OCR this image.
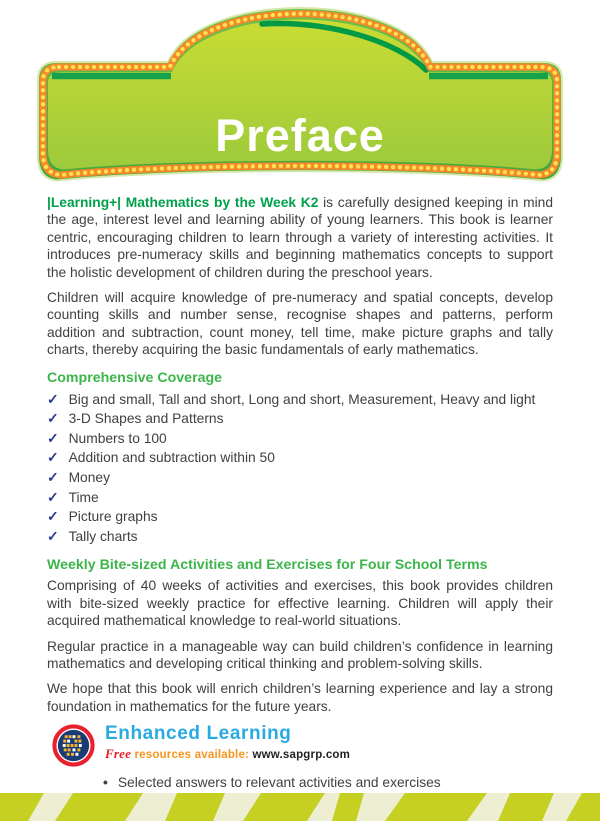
Preface

|Learning+| Mathematics by the Week K2 is carefully designed keeping in mind the age, interest level and learning ability of young learners. This book is learner centric, encouraging children to learn through a variety of interesting activities. It introduces pre-numeracy skills and beginning mathematics concepts to support the holistic development of children during the preschool years.

Children will acquire knowledge of pre-numeracy and spatial concepts, develop counting skills and number sense, recognise shapes and patterns, perform addition and subtraction, count money, tell time, make picture graphs and tally charts, thereby acquiring the basic fundamentals of early mathematics.

Comprehensive Coverage
✓ Big and small, Tall and short, Long and short, Measurement, Heavy and light
✓ 3-D Shapes and Patterns
✓ Numbers to 100
✓ Addition and subtraction within 50
✓ Money
✓ Time
✓ Picture graphs
✓ Tally charts
Weekly Bite-sized Activities and Exercises for Four School Terms

Comprising of 40 weeks of activities and exercises, this book provides children with bite-sized weekly practice for effective learning. Children will apply their acquired mathematical knowledge to real-world situations.

Regular practice in a manageable way can build children’s confidence in learning mathematics and developing critical thinking and problem-solving skills.

We hope that this book will enrich children’s learning experience and lay a strong foundation in mathematics for the future years.

Enhanced Learning
Free resources available: www.sapgrp.com
• Selected answers to relevant activities and exercises
